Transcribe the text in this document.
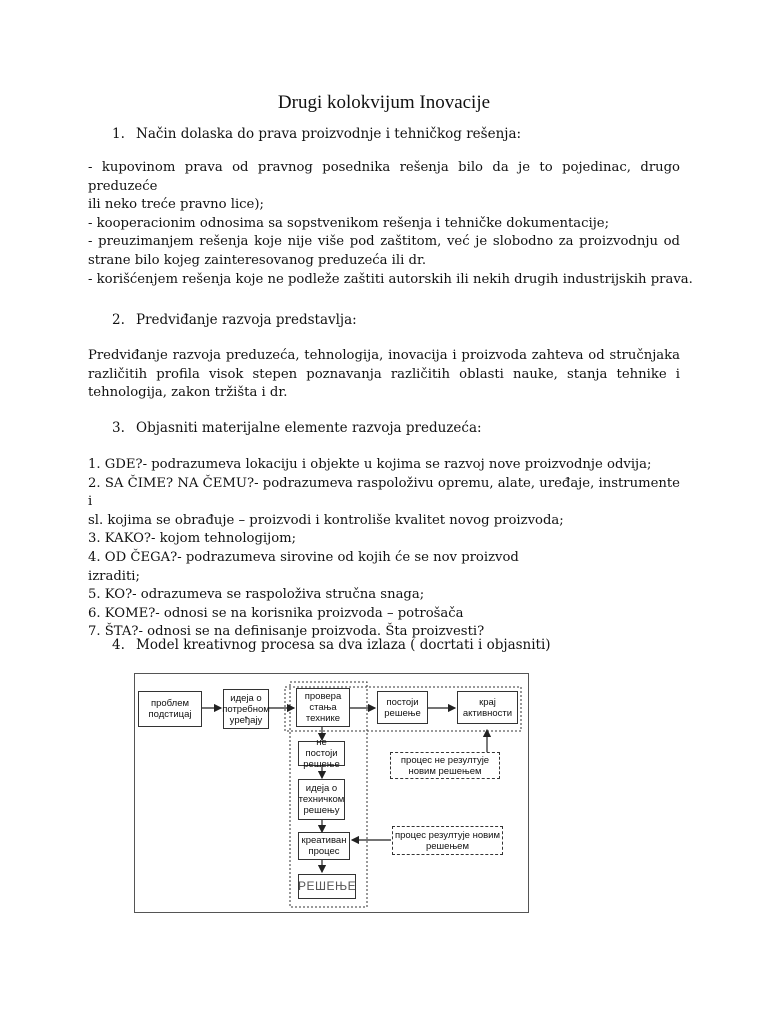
Drugi kolokvijum Inovacije
1. Način dolaska do prava proizvodnje i tehničkog rešenja:
- kupovinom prava od pravnog posednika rešenja bilo da je to pojedinac, drugo preduzeće
ili neko treće pravno lice);
- kooperacionim odnosima sa sopstvenikom rešenja i tehničke dokumentacije;
- preuzimanjem rešenja koje nije više pod zaštitom, već je slobodno za proizvodnju od
strane bilo kojeg zainteresovanog preduzeća ili dr.
- korišćenjem rešenja koje ne podleže zaštiti autorskih ili nekih drugih industrijskih prava.
2. Predviđanje razvoja predstavlja:
Predviđanje razvoja preduzeća, tehnologija, inovacija i proizvoda zahteva od stručnjaka
različitih profila visok stepen poznavanja različitih oblasti nauke, stanja tehnike i
tehnologija, zakon tržišta i dr.
3. Objasniti materijalne elemente razvoja preduzeća:
1. GDE?- podrazumeva lokaciju i objekte u kojima se razvoj nove proizvodnje odvija;
2. SA ČIME? NA ČEMU?- podrazumeva raspoloživu opremu, alate, uređaje, instrumente i
sl. kojima se obrađuje – proizvodi i kontroliše kvalitet novog proizvoda;
3. KAKO?- kojom tehnologijom;
4. OD ČEGA?- podrazumeva sirovine od kojih će se nov proizvod
izraditi;
5. KO?- odrazumeva se raspoloživa stručna snaga;
6. KOME?- odnosi se na korisnika proizvoda – potrošača
7. ŠTA?- odnosi se na definisanje proizvoda. Šta proizvesti?
4. Model kreativnog procesa sa dva izlaza ( docrtati i objasniti)
проблем подстицај
идеја о потребном уређају
провера стања технике
постоји решење
крај активности
не постоји решење
идеја о техничком решењу
креативан процес
РЕШЕЊЕ
процес не резултује новим решењем
процес резултује новим решењем
